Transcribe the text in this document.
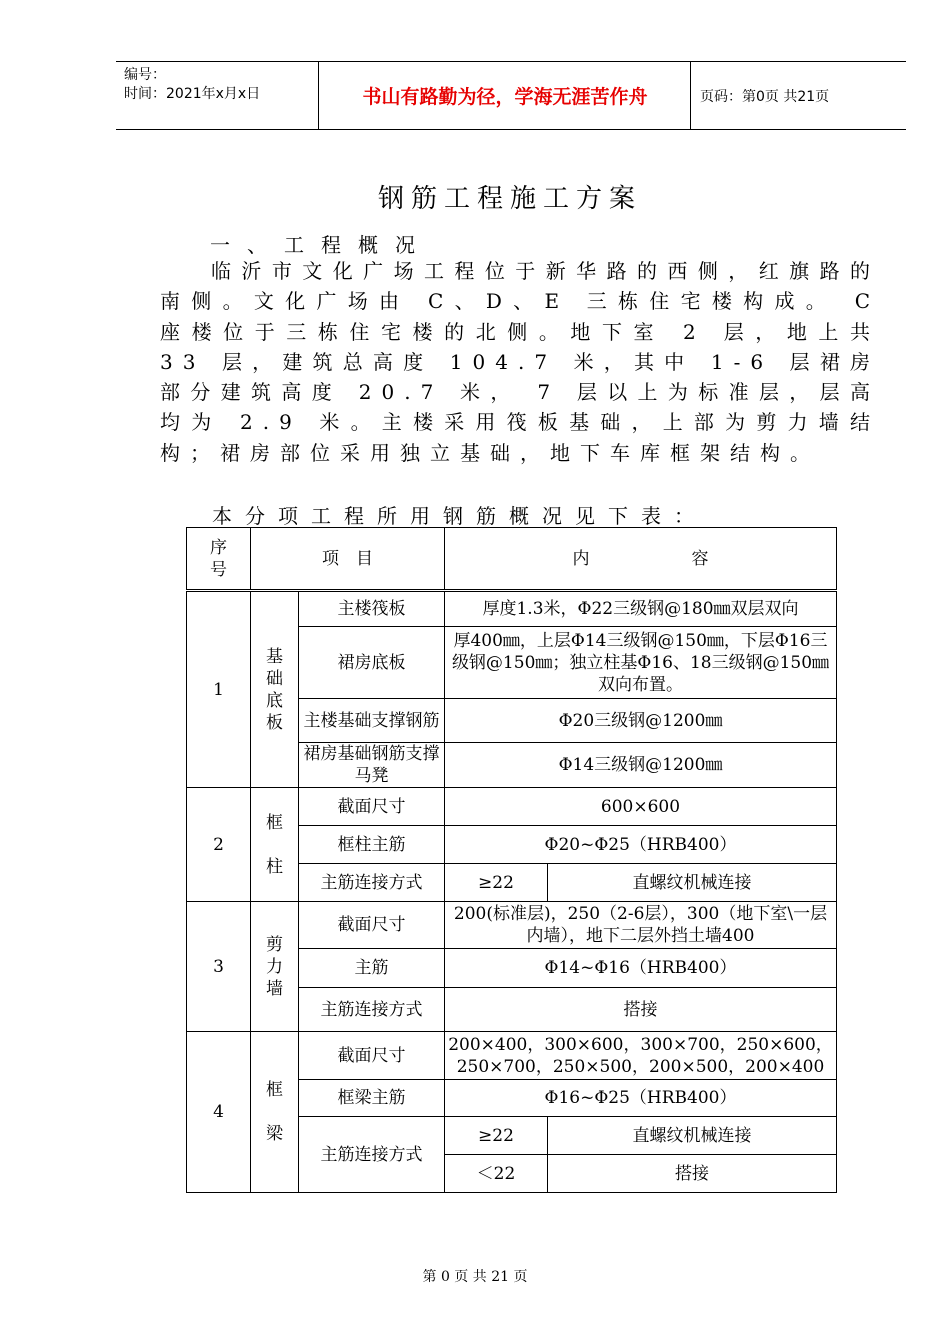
编号：
时间：2021年x月x日	书山有路勤为径，学海无涯苦作舟	页码：第0页 共21页
钢筋工程施工方案
一、工程概况

临沂市文化广场工程位于新华路的西侧，红旗路的南侧。文化广场由 C、D、E 三栋住宅楼构成。 C 座楼位于三栋住宅楼的北侧。地下室 2 层，地上共 33 层，建筑总高度 104.7 米，其中 1-6 层裙房部分建筑高度 20.7 米， 7 层以上为标准层，层高均为 2.9 米。主楼采用筏板基础，上部为剪力墙结构；裙房部位采用独立基础，地下车库框架结构。

本分项工程所用钢筋概况见下表：
序号	项　目		内　　　　　　容	
1	基础底板	主楼筏板	厚度1.3米，Φ22三级钢@180㎜双层双向	
		裙房底板	厚400㎜，上层Φ14三级钢@150㎜，下层Φ16三级钢@150㎜；独立柱基Φ16、18三级钢@150㎜双向布置。	
		主楼基础支撑钢筋	Φ20三级钢@1200㎜	
		裙房基础钢筋支撑马凳	Φ14三级钢@1200㎜	
2	框柱	截面尺寸	600×600	
		框柱主筋	Φ20~Φ25（HRB400）	
		主筋连接方式	≥22	直螺纹机械连接
3	剪力墙	截面尺寸	200(标准层)，250（2-6层），300（地下室\一层内墙），地下二层外挡土墙400	
		主筋	Φ14~Φ16（HRB400）	
		主筋连接方式	搭接	
4	框梁	截面尺寸	200×400，300×600，300×700，250×600，250×700，250×500，200×500，200×400	
		框梁主筋	Φ16~Φ25（HRB400）	
		主筋连接方式	≥22	直螺纹机械连接
			＜22	搭接
第 0 页 共 21 页
